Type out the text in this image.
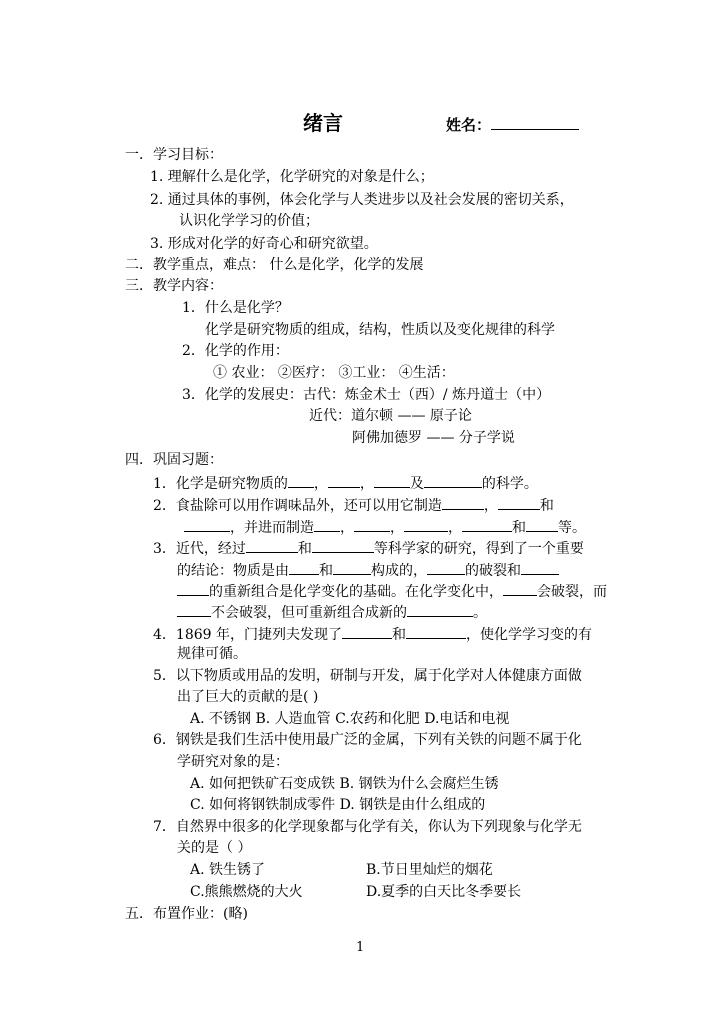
绪言	姓名：
一．学习目标：
1. 理解什么是化学，化学研究的对象是什么；
2. 通过具体的事例，体会化学与人类进步以及社会发展的密切关系，
认识化学学习的价值；
3. 形成对化学的好奇心和研究欲望。
二．教学重点，难点： 什么是化学，化学的发展
三．教学内容：
1．什么是化学？
化学是研究物质的组成，结构，性质以及变化规律的科学
2．化学的作用：
① 农业： ②医疗： ③工业： ④生活：
3．化学的发展史：古代：炼金术士（西）/ 炼丹道士（中）
近代：道尔顿 —— 原子论
阿佛加德罗 —— 分子学说
四．巩固习题：
1．化学是研究物质的 ， ，	及	的科学。
2．食盐除可以用作调味品外，还可以用它制造	，	和
，并进而制造 ，	，	，	和 等。
3．近代，经过	和	等科学家的研究，得到了一个重要
的结论：物质是由 和	构成的，	的破裂和
的重新组合是化学变化的基础。在化学变化中， 会破裂，而
不会破裂，但可重新组合成新的	。
4．1869 年，门捷列夫发现了	和	，使化学学习变的有
规律可循。
5．以下物质或用品的发明，研制与开发，属于化学对人体健康方面做
出了巨大的贡献的是( )
A. 不锈钢 B. 人造血管 C.农药和化肥 D.电话和电视
6．钢铁是我们生活中使用最广泛的金属，下列有关铁的问题不属于化
学研究对象的是：
A. 如何把铁矿石变成铁 B. 钢铁为什么会腐烂生锈
C. 如何将钢铁制成零件 D. 钢铁是由什么组成的
7．自然界中很多的化学现象都与化学有关，你认为下列现象与化学无
关的是（ ）
A. 铁生锈了	B.节日里灿烂的烟花
C.熊熊燃烧的大火	D.夏季的白天比冬季要长
五．布置作业：(略)
1
